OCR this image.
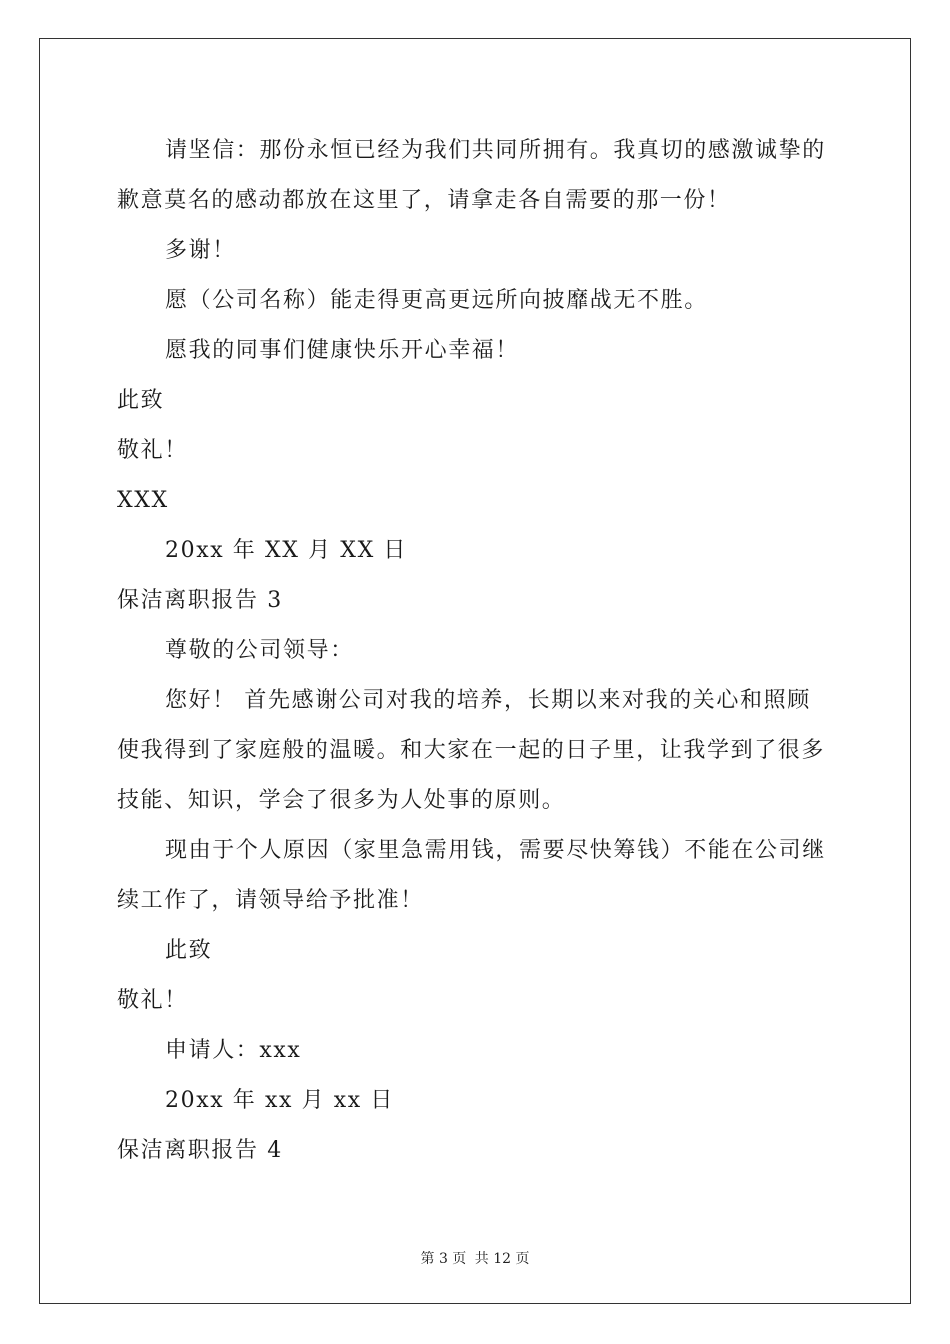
请坚信：那份永恒已经为我们共同所拥有。我真切的感激诚挚的
歉意莫名的感动都放在这里了，请拿走各自需要的那一份！
多谢！
愿（公司名称）能走得更高更远所向披靡战无不胜。
愿我的同事们健康快乐开心幸福！
此致
敬礼！
XXX
20xx 年 XX 月 XX 日
保洁离职报告 3
尊敬的公司领导：
您好！ 首先感谢公司对我的培养，长期以来对我的关心和照顾
使我得到了家庭般的温暖。和大家在一起的日子里，让我学到了很多
技能、知识，学会了很多为人处事的原则。
现由于个人原因（家里急需用钱，需要尽快筹钱）不能在公司继
续工作了，请领导给予批准！
此致
敬礼！
申请人：xxx
20xx 年 xx 月 xx 日
保洁离职报告 4
第 3 页 共 12 页
